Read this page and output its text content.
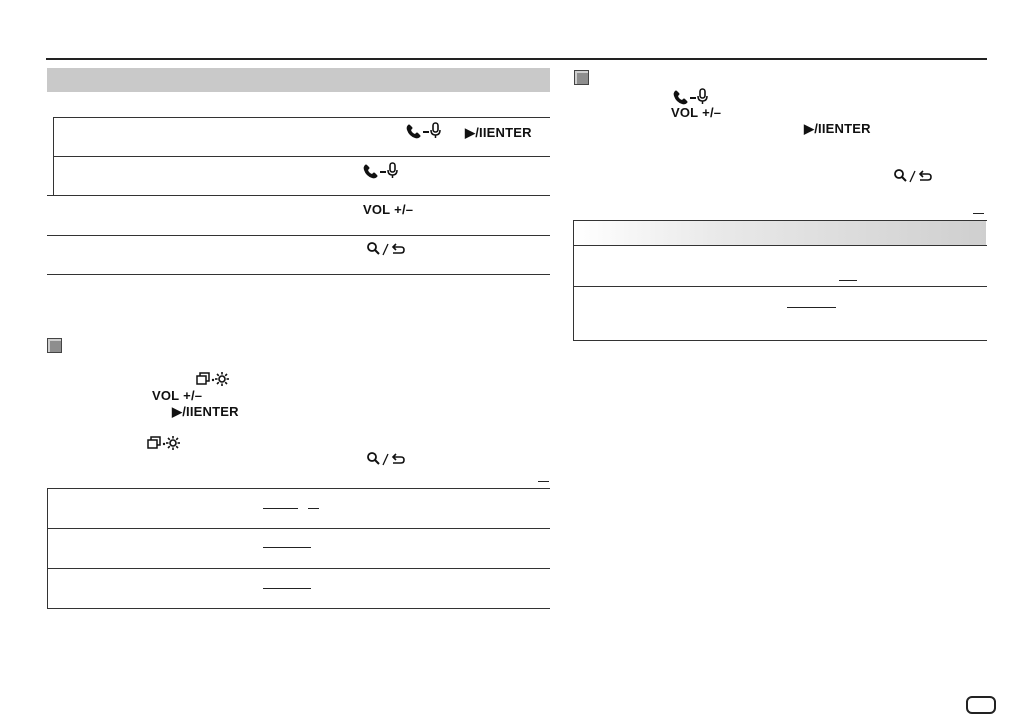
▶/IIENTER
VOL +/–
VOL +/–
▶/IIENTER
VOL +/–
▶/IIENTER
